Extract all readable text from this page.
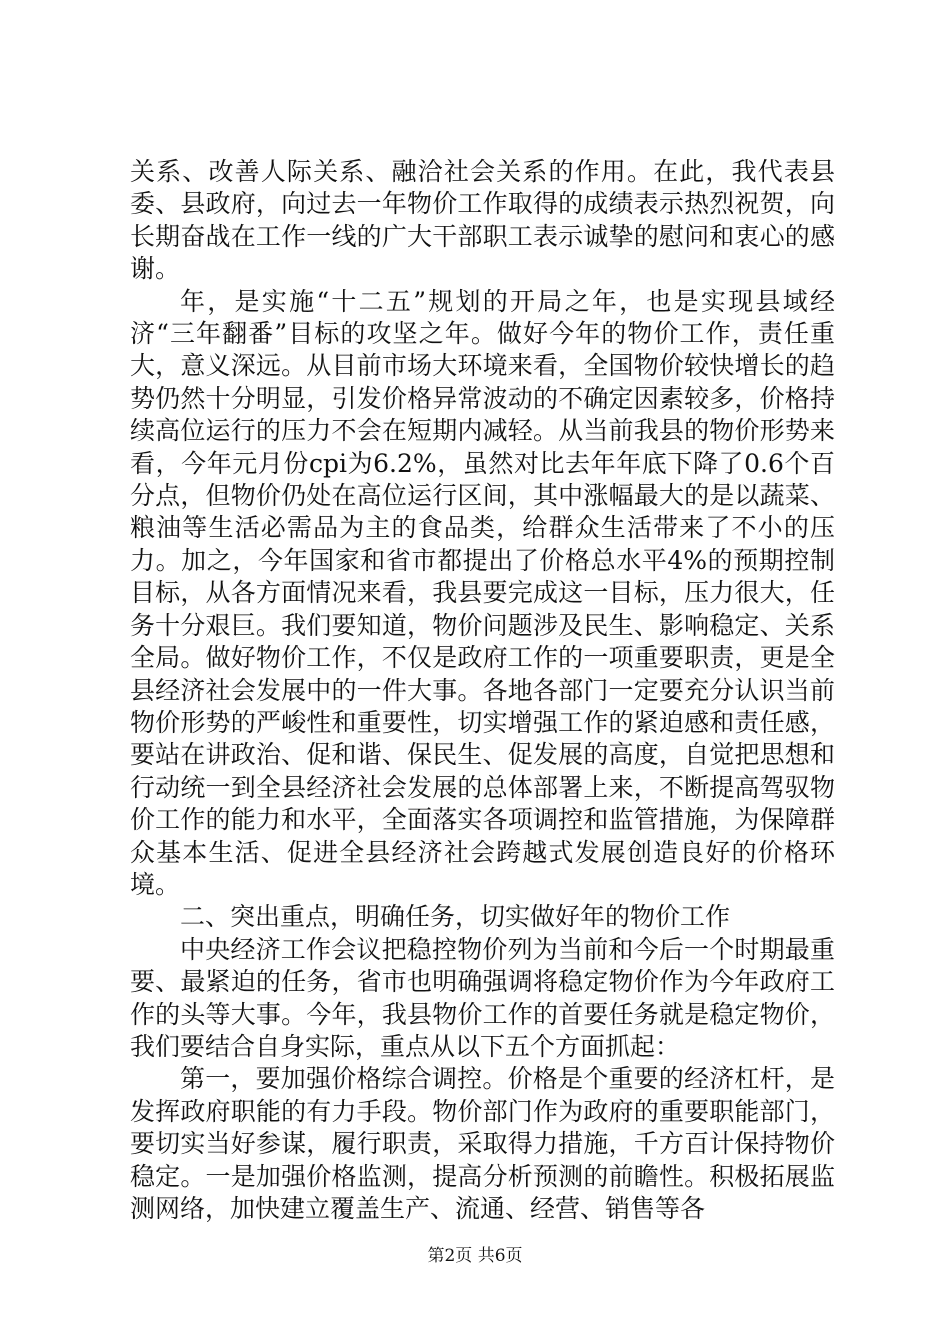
关系、改善人际关系、融洽社会关系的作用。在此，我代表县委、县政府，向过去一年物价工作取得的成绩表示热烈祝贺，向长期奋战在工作一线的广大干部职工表示诚挚的慰问和衷心的感谢。

年，是实施“十二五”规划的开局之年，也是实现县域经济“三年翻番”目标的攻坚之年。做好今年的物价工作，责任重大，意义深远。从目前市场大环境来看，全国物价较快增长的趋势仍然十分明显，引发价格异常波动的不确定因素较多，价格持续高位运行的压力不会在短期内减轻。从当前我县的物价形势来看，今年元月份cpi为6.2%，虽然对比去年年底下降了0.6个百分点，但物价仍处在高位运行区间，其中涨幅最大的是以蔬菜、粮油等生活必需品为主的食品类，给群众生活带来了不小的压力。加之，今年国家和省市都提出了价格总水平4%的预期控制目标，从各方面情况来看，我县要完成这一目标，压力很大，任务十分艰巨。我们要知道，物价问题涉及民生、影响稳定、关系全局。做好物价工作，不仅是政府工作的一项重要职责，更是全县经济社会发展中的一件大事。各地各部门一定要充分认识当前物价形势的严峻性和重要性，切实增强工作的紧迫感和责任感，要站在讲政治、促和谐、保民生、促发展的高度，自觉把思想和行动统一到全县经济社会发展的总体部署上来，不断提高驾驭物价工作的能力和水平，全面落实各项调控和监管措施，为保障群众基本生活、促进全县经济社会跨越式发展创造良好的价格环境。

二、突出重点，明确任务，切实做好年的物价工作

中央经济工作会议把稳控物价列为当前和今后一个时期最重要、最紧迫的任务，省市也明确强调将稳定物价作为今年政府工作的头等大事。今年，我县物价工作的首要任务就是稳定物价，我们要结合自身实际，重点从以下五个方面抓起：

第一，要加强价格综合调控。价格是个重要的经济杠杆，是发挥政府职能的有力手段。物价部门作为政府的重要职能部门，要切实当好参谋，履行职责，采取得力措施，千方百计保持物价稳定。一是加强价格监测，提高分析预测的前瞻性。积极拓展监测网络，加快建立覆盖生产、流通、经营、销售等各

第2页 共6页
